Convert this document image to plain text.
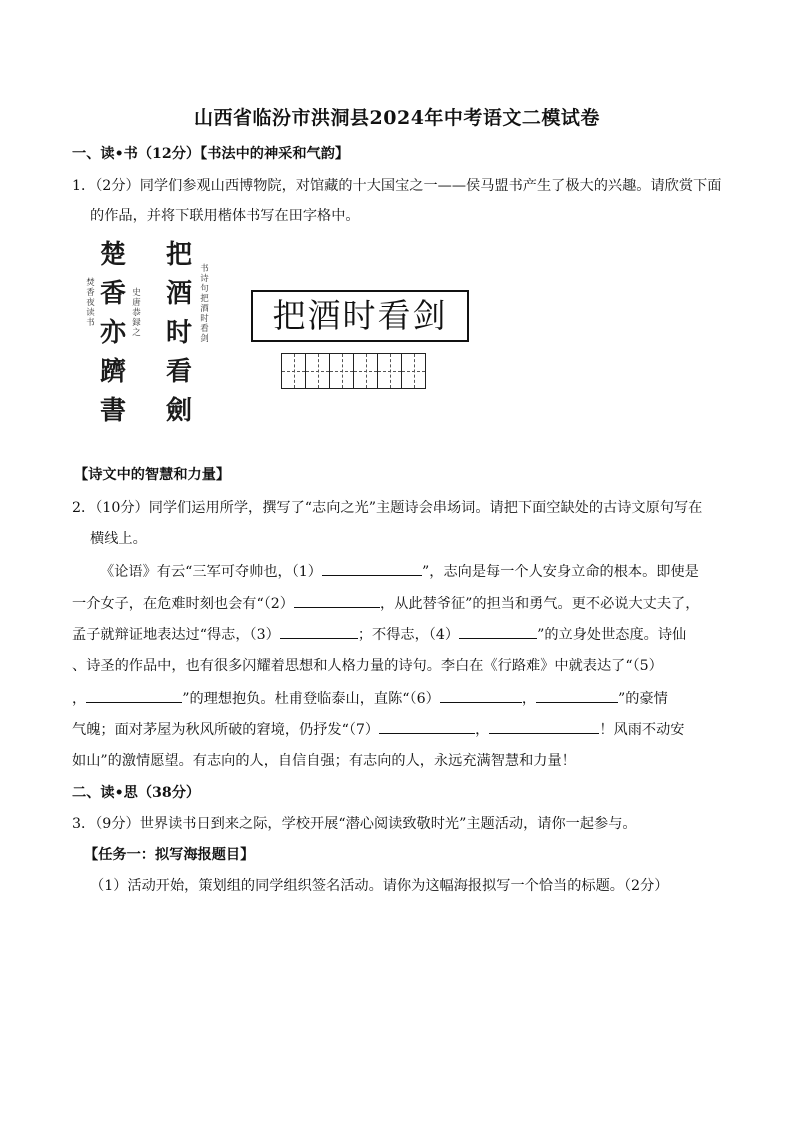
山西省临汾市洪洞县2024年中考语文二模试卷
一、读•书（12分）【书法中的神采和气韵】
1．（2分）同学们参观山西博物院，对馆藏的十大国宝之一——侯马盟书产生了极大的兴趣。请欣赏下面
的作品，并将下联用楷体书写在田字格中。
楚
香
亦
躋
書
把
酒
时
看
劍
焚
香
夜
读
书
史
唐
恭
録
之
书
诗
句
把
酒
时
看
剑
把酒时看剑
【诗文中的智慧和力量】
2．（10分）同学们运用所学，撰写了“志向之光”主题诗会串场词。请把下面空缺处的古诗文原句写在
横线上。
《论语》有云“三军可夺帅也，（1）	”，志向是每一个人安身立命的根本。即使是
一介女子，在危难时刻也会有“（2）	，从此替爷征”的担当和勇气。更不必说大丈夫了，
孟子就辩证地表达过“得志，（3）	；不得志，（4）	”的立身处世态度。诗仙
、诗圣的作品中，也有很多闪耀着思想和人格力量的诗句。李白在《行路难》中就表达了“（5）
，	”的理想抱负。杜甫登临泰山，直陈“（6）	，	”的豪情
气魄；面对茅屋为秋风所破的窘境，仍抒发“（7）	，	！风雨不动安
如山”的激情愿望。有志向的人，自信自强；有志向的人，永远充满智慧和力量！
二、读•思（38分）
3．（9分）世界读书日到来之际，学校开展“潜心阅读致敬时光”主题活动，请你一起参与。
【任务一：拟写海报题目】
（1）活动开始，策划组的同学组织签名活动。请你为这幅海报拟写一个恰当的标题。（2分）
